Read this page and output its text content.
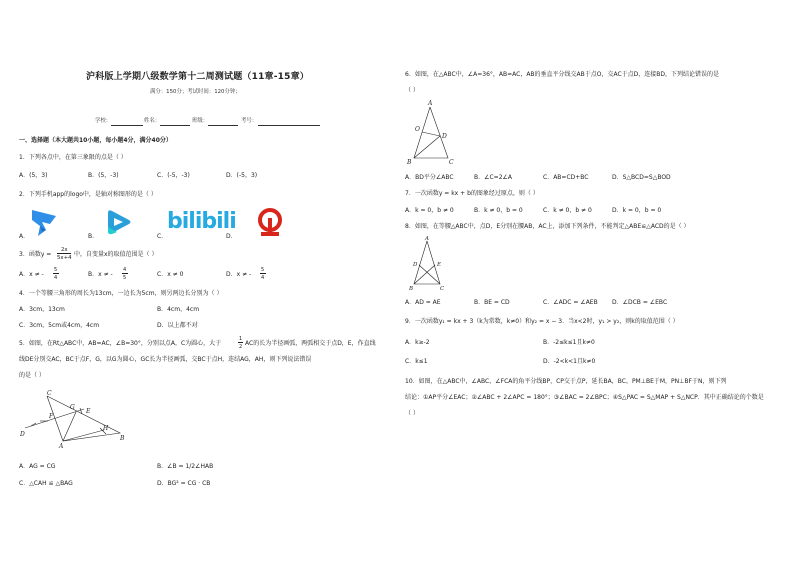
沪科版上学期八级数学第十二周测试题（11章-15章）
满分：150分；考试时间：120分钟；
学校：	姓名：	班级：	考号：
一、选择题（本大题共10小题，每小题4分，满分40分）
1．下列各点中，在第三象限的点是（ ）
A．(5，3)	B．(5，-3)	C．(-5，-3)	D．(-5，3)
2．下列手机app的logo中，是轴对称图形的是（ ）
A．	B．	C．	D．
bilibili
3．函数y =
2x
5x+4 中，自变量x的取值范围是（ ）
A．x ≠ -
5
4	B．x ≠ -
4
5	C．x ≠ 0	D．x ≠ -
5
4
4．一个等腰三角形的周长为13cm，一边长为5cm，则另两边长分别为（ ）
A．3cm，13cm	B．4cm，4cm
C．3cm，5cm或4cm，4cm	D．以上都不对
5．如图，在Rt△ABC中，AB=AC，∠B=30°，分别以点A，C为圆心，大于
1
2 AC的长为半径画弧，两弧相交于点D，E，作直线
线DE分别交AC，BC于点F，G，以G为圆心，GC长为半径画弧，交BC于点H，连结AG，AH，则下列说法错误
的是（ ）
C
G
E
F
D
H
A
B
A．AG = CG	B．∠B = 1/2∠HAB
C．△CAH ≌ △BAG	D．BG² = CG · CB
6．如图，在△ABC中，∠A=36°，AB=AC，AB的垂直平分线交AB于点O，交AC于点D，连接BD，下列结论错误的是
（ ）
A
O
D
B	C
A．BD平分∠ABC	B．∠C=2∠A	C．AB=CD+BC	D．S△BCD=S△BOD
7．一次函数y = kx + b的图象经过原点，则（ ）
A．k = 0，b ≠ 0	B．k ≠ 0，b = 0	C．k ≠ 0，b ≠ 0	D．k = 0，b = 0
8．如图，在等腰△ABC中，点D，E分别在腰AB，AC上，添加下列条件，不能判定△ABE≌△ACD的是（ ）
A
D	E
B	C
A．AD = AE	B．BE = CD	C．∠ADC = ∠AEB D．∠DCB = ∠EBC
9．一次函数y₁ = kx + 3（k为常数，k≠0）和y₂ = x − 3．当x<2时，y₁ > y₂，则k的取值范围（ ）
A．k≥-2	B．-2≤k≤1且k≠0
C．k≤1	D．-2<k<1且k≠0
10．如图，在△ABC中，∠ABC，∠FCA的角平分线BP，CP交于点P，延长BA，BC，PM⊥BE于M，PN⊥BF于N，则下列
结论：①AP平分∠EAC；②∠ABC + 2∠APC = 180°；③∠BAC = 2∠BPC；④S△PAC = S△MAP + S△NCP．其中正确结论的个数是
（ ）
